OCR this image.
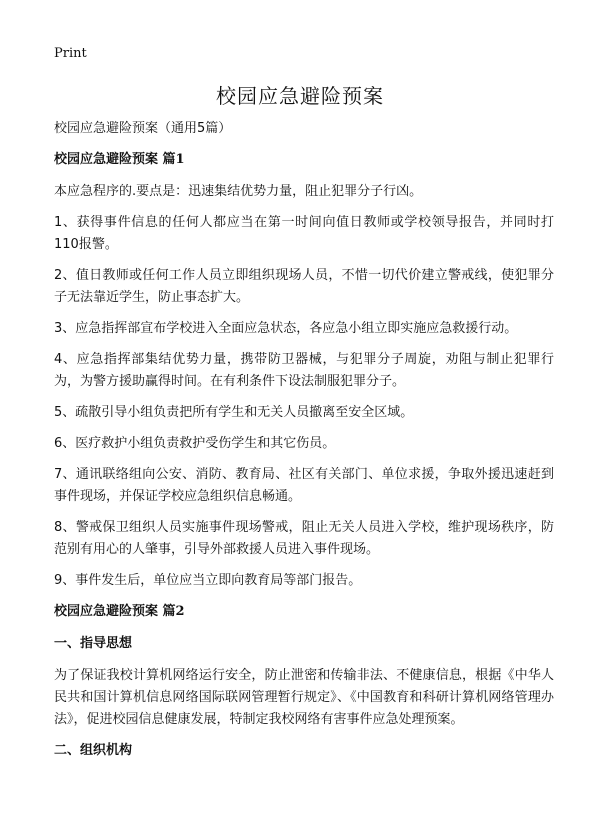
Print
校园应急避险预案

校园应急避险预案（通用5篇）

校园应急避险预案 篇1

本应急程序的.要点是：迅速集结优势力量，阻止犯罪分子行凶。

1、获得事件信息的任何人都应当在第一时间向值日教师或学校领导报告，并同时打110报警。

2、值日教师或任何工作人员立即组织现场人员，不惜一切代价建立警戒线，使犯罪分子无法靠近学生，防止事态扩大。

3、应急指挥部宣布学校进入全面应急状态，各应急小组立即实施应急救援行动。

4、应急指挥部集结优势力量，携带防卫器械，与犯罪分子周旋，劝阻与制止犯罪行为，为警方援助赢得时间。在有利条件下设法制服犯罪分子。

5、疏散引导小组负责把所有学生和无关人员撤离至安全区域。

6、医疗救护小组负责救护受伤学生和其它伤员。

7、通讯联络组向公安、消防、教育局、社区有关部门、单位求援，争取外援迅速赶到事件现场，并保证学校应急组织信息畅通。

8、警戒保卫组织人员实施事件现场警戒，阻止无关人员进入学校，维护现场秩序，防范别有用心的人肇事，引导外部救援人员进入事件现场。

9、事件发生后，单位应当立即向教育局等部门报告。

校园应急避险预案 篇2

一、指导思想

为了保证我校计算机网络运行安全，防止泄密和传输非法、不健康信息，根据《中华人民共和国计算机信息网络国际联网管理暂行规定》、《中国教育和科研计算机网络管理办法》，促进校园信息健康发展，特制定我校网络有害事件应急处理预案。

二、组织机构
